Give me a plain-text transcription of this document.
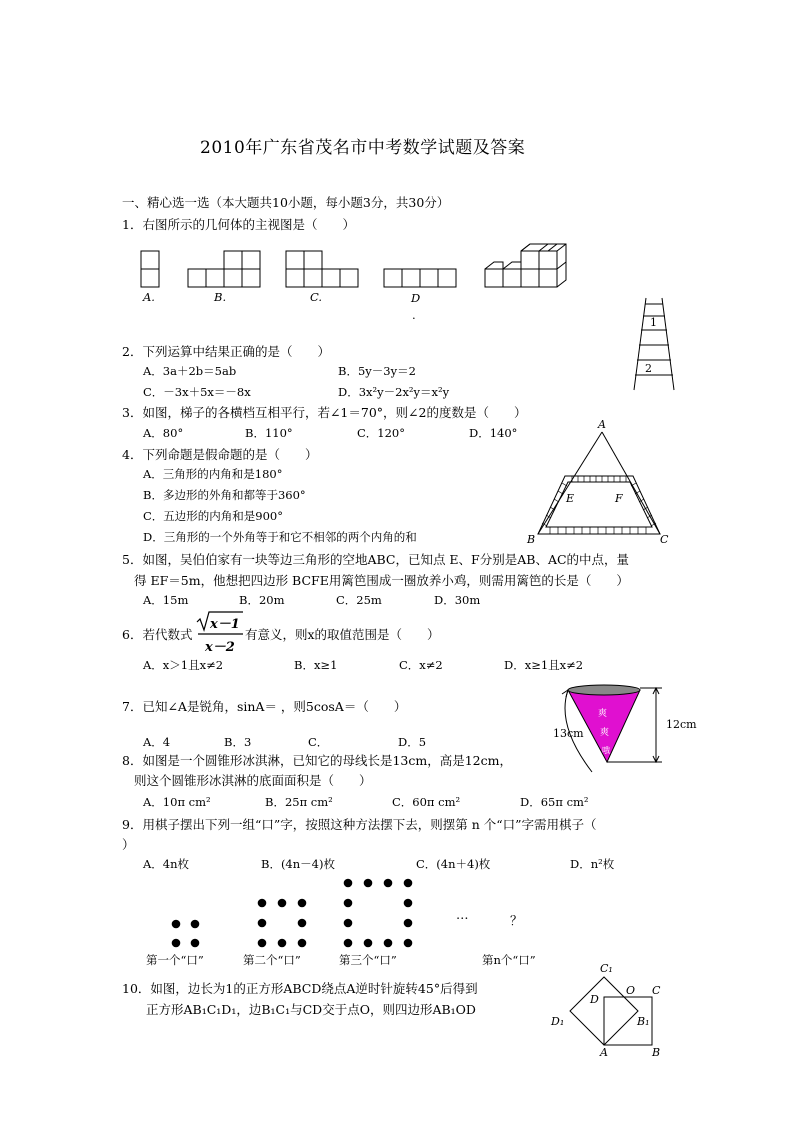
2010年广东省茂名市中考数学试题及答案
一、精心选一选（本大题共10小题，每小题3分，共30分）
1．右图所示的几何体的主视图是（　　）
A.	B.	C.	D
.
1
2
2．下列运算中结果正确的是（　　）
A．3a＋2b＝5ab	B．5y－3y＝2
C．－3x＋5x＝－8x	D．3x²y－2x²y＝x²y
3．如图，梯子的各横档互相平行，若∠1＝70°，则∠2的度数是（　　）
A．80°	B．110°	C．120°	D．140°
4．下列命题是假命题的是（　　）
A．三角形的内角和是180°
B．多边形的外角和都等于360°
C．五边形的内角和是900°
D．三角形的一个外角等于和它不相邻的两个内角的和
A
E	F
B	C
5．如图，吴伯伯家有一块等边三角形的空地ABC，已知点 E、F分别是AB、AC的中点，量
得 EF＝5m，他想把四边形 BCFE用篱笆围成一圈放养小鸡，则需用篱笆的长是（　　）
A．15m	B．20m	C．25m	D．30m
6．若代数式
x－1
x－2
有意义，则x的取值范围是（　　）
A．x＞1且x≠2	B．x≥1	C．x≠2	D．x≥1且x≠2
爽
爽
哦
12cm
13cm
7．已知∠A是锐角，sinA＝ ，则5cosA＝（　　）
A．4	B．3	C．	D．5
8．如图是一个圆锥形冰淇淋，已知它的母线长是13cm，高是12cm，
则这个圆锥形冰淇淋的底面面积是（　　）
A．10π cm²	B．25π cm²	C．60π cm²	D．65π cm²
9．用棋子摆出下列一组“口”字，按照这种方法摆下去，则摆第 n 个“口”字需用棋子（
）
A．4n枚	B．(4n－4)枚	C．(4n＋4)枚	D．n²枚
…	？
第一个“口”	第二个“口”	第三个“口”	第n个“口”
10．如图，边长为1的正方形ABCD绕点A逆时针旋转45°后得到
正方形AB₁C₁D₁，边B₁C₁与CD交于点O，则四边形AB₁OD
C₁
D
O C
B₁
D₁
A	B
